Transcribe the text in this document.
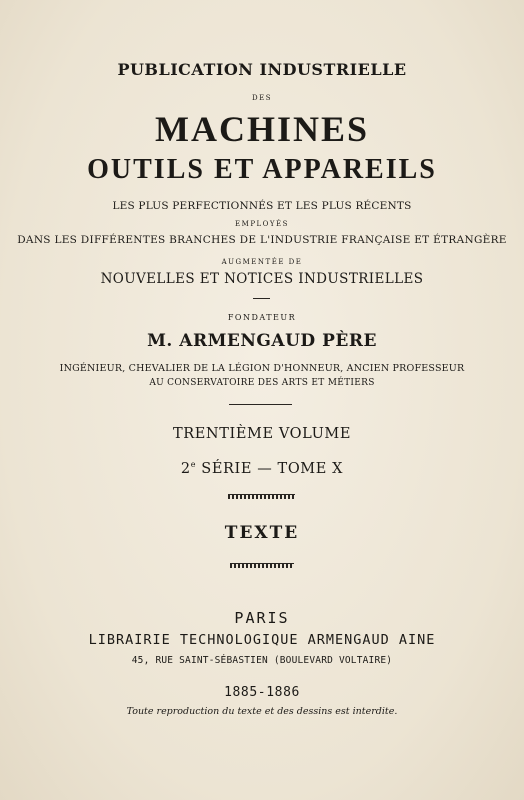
PUBLICATION INDUSTRIELLE
DES
MACHINES
OUTILS ET APPAREILS
LES PLUS PERFECTIONNÉS ET LES PLUS RÉCENTS
EMPLOYÉS
DANS LES DIFFÉRENTES BRANCHES DE L'INDUSTRIE FRANÇAISE ET ÉTRANGÈRE
AUGMENTÉE DE
NOUVELLES ET NOTICES INDUSTRIELLES
FONDATEUR
M. ARMENGAUD PÈRE
INGÉNIEUR, CHEVALIER DE LA LÉGION D'HONNEUR, ANCIEN PROFESSEUR
AU CONSERVATOIRE DES ARTS ET MÉTIERS
TRENTIÈME VOLUME
2e SÉRIE — TOME X
TEXTE
PARIS
LIBRAIRIE TECHNOLOGIQUE ARMENGAUD AINE
45, RUE SAINT-SÉBASTIEN (BOULEVARD VOLTAIRE)
1885-1886
Toute reproduction du texte et des dessins est interdite.
